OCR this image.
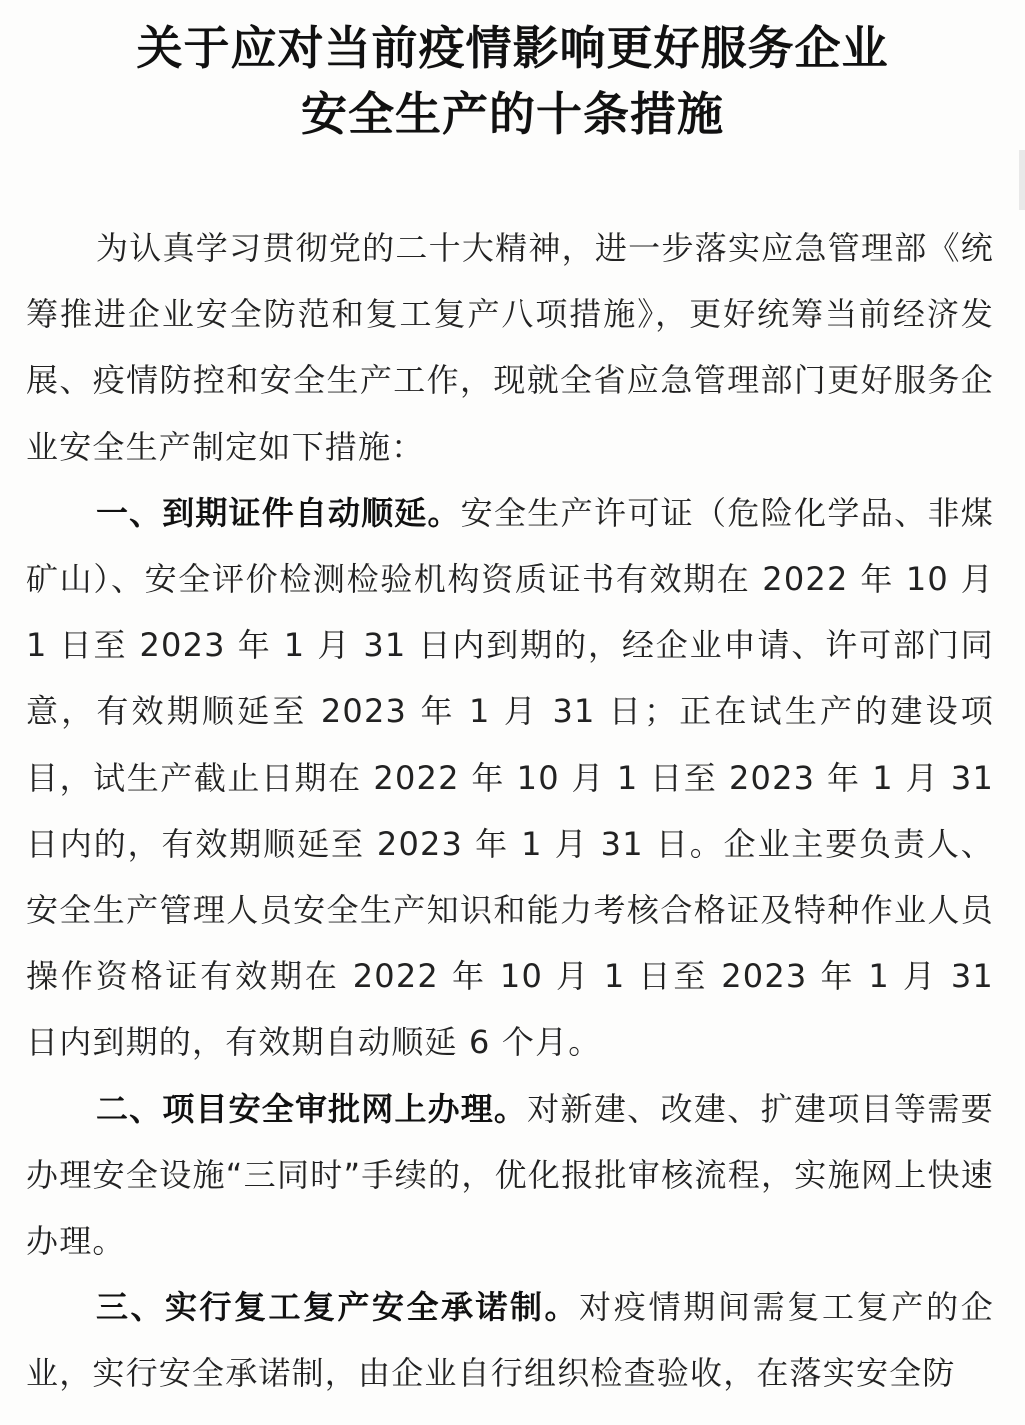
关于应对当前疫情影响更好服务企业
安全生产的十条措施

为认真学习贯彻党的二十大精神，进一步落实应急管理部《统筹推进企业安全防范和复工复产八项措施》，更好统筹当前经济发展、疫情防控和安全生产工作，现就全省应急管理部门更好服务企业安全生产制定如下措施：

一、到期证件自动顺延。安全生产许可证（危险化学品、非煤矿山）、安全评价检测检验机构资质证书有效期在 2022 年 10 月 1 日至 2023 年 1 月 31 日内到期的，经企业申请、许可部门同意，有效期顺延至 2023 年 1 月 31 日；正在试生产的建设项目，试生产截止日期在 2022 年 10 月 1 日至 2023 年 1 月 31 日内的，有效期顺延至 2023 年 1 月 31 日。企业主要负责人、安全生产管理人员安全生产知识和能力考核合格证及特种作业人员操作资格证有效期在 2022 年 10 月 1 日至 2023 年 1 月 31 日内到期的，有效期自动顺延 6 个月。

二、项目安全审批网上办理。对新建、改建、扩建项目等需要办理安全设施“三同时”手续的，优化报批审核流程，实施网上快速办理。

三、实行复工复产安全承诺制。对疫情期间需复工复产的企业，实行安全承诺制，由企业自行组织检查验收，在落实安全防
